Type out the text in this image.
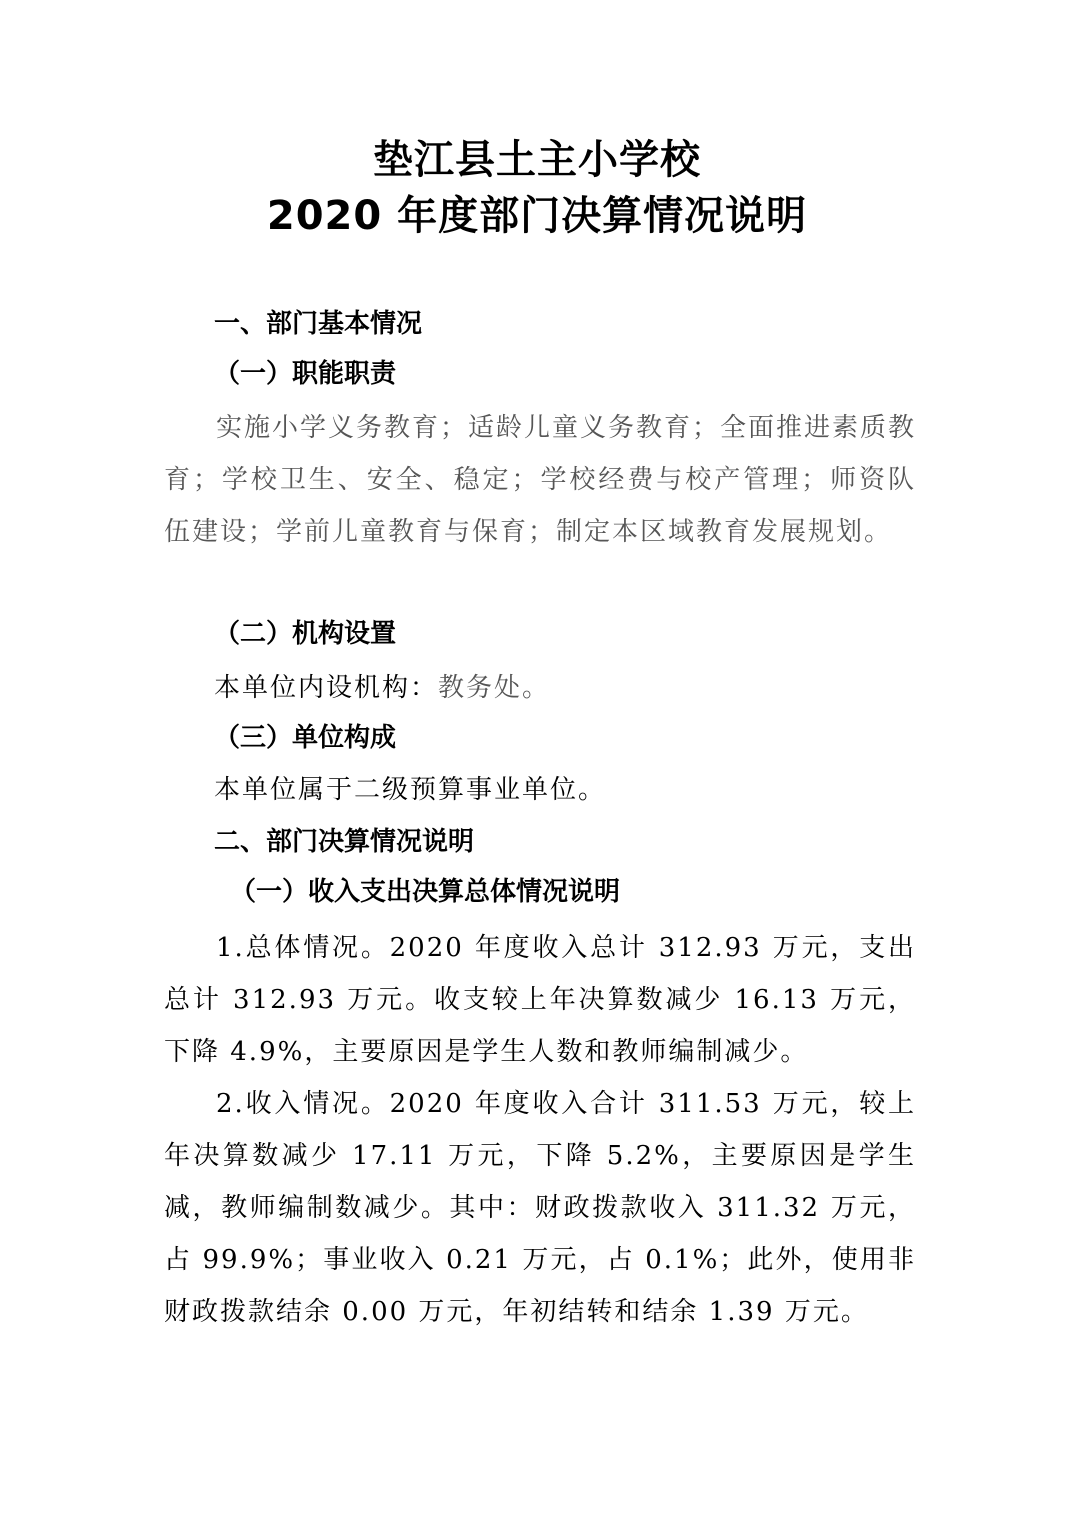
垫江县土主小学校
2020 年度部门决算情况说明
一、部门基本情况
（一）职能职责
实施小学义务教育；适龄儿童义务教育；全面推进素质教育；学校卫生、安全、稳定；学校经费与校产管理；师资队伍建设；学前儿童教育与保育；制定本区域教育发展规划。
（二）机构设置
本单位内设机构：教务处。
（三）单位构成
本单位属于二级预算事业单位。
二、部门决算情况说明
（一）收入支出决算总体情况说明
1.总体情况。2020 年度收入总计 312.93 万元，支出总计 312.93 万元。收支较上年决算数减少 16.13 万元，下降 4.9%，主要原因是学生人数和教师编制减少。
2.收入情况。2020 年度收入合计 311.53 万元，较上年决算数减少 17.11 万元，下降 5.2%，主要原因是学生减，教师编制数减少。其中：财政拨款收入 311.32 万元，占 99.9%；事业收入 0.21 万元，占 0.1%；此外，使用非财政拨款结余 0.00 万元，年初结转和结余 1.39 万元。
